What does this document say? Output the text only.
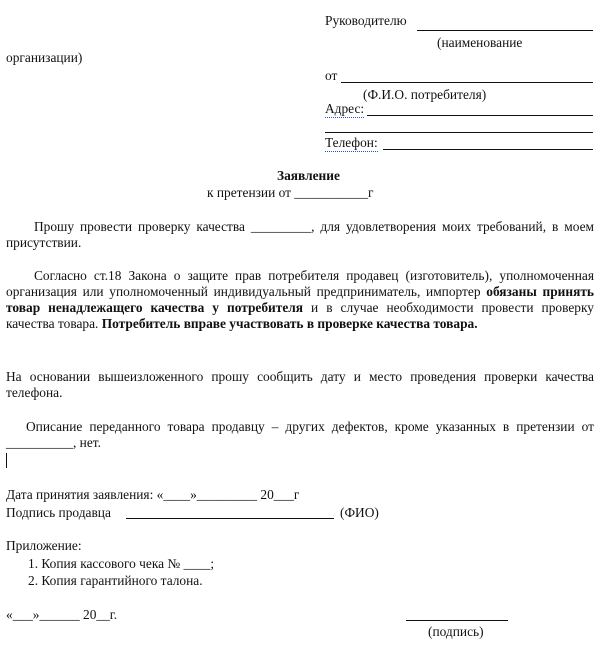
Руководителю
(наименование
организации)
от
(Ф.И.О. потребителя)
Адрес:
Телефон:
Заявление
к претензии от ___________г

Прошу провести проверку качества _________, для удовлетворения моих требований, в моем присутствии.

Согласно ст.18 Закона о защите прав потребителя продавец (изготовитель), уполномоченная организация или уполномоченный индивидуальный предприниматель, импортер обязаны принять товар ненадлежащего качества у потребителя и в случае необходимости провести проверку качества товара. Потребитель вправе участвовать в проверке качества товара.

На основании вышеизложенного прошу сообщить дату и место проведения проверки качества телефона.

Описание переданного товара продавцу – других дефектов, кроме указанных в претензии от __________, нет.

Дата принятия заявления: «____»_________ 20___г
Подпись продавца	(ФИО)
Приложение:
1. Копия кассового чека № ____;
2. Копия гарантийного талона.
«___»______ 20__г.
(подпись)
